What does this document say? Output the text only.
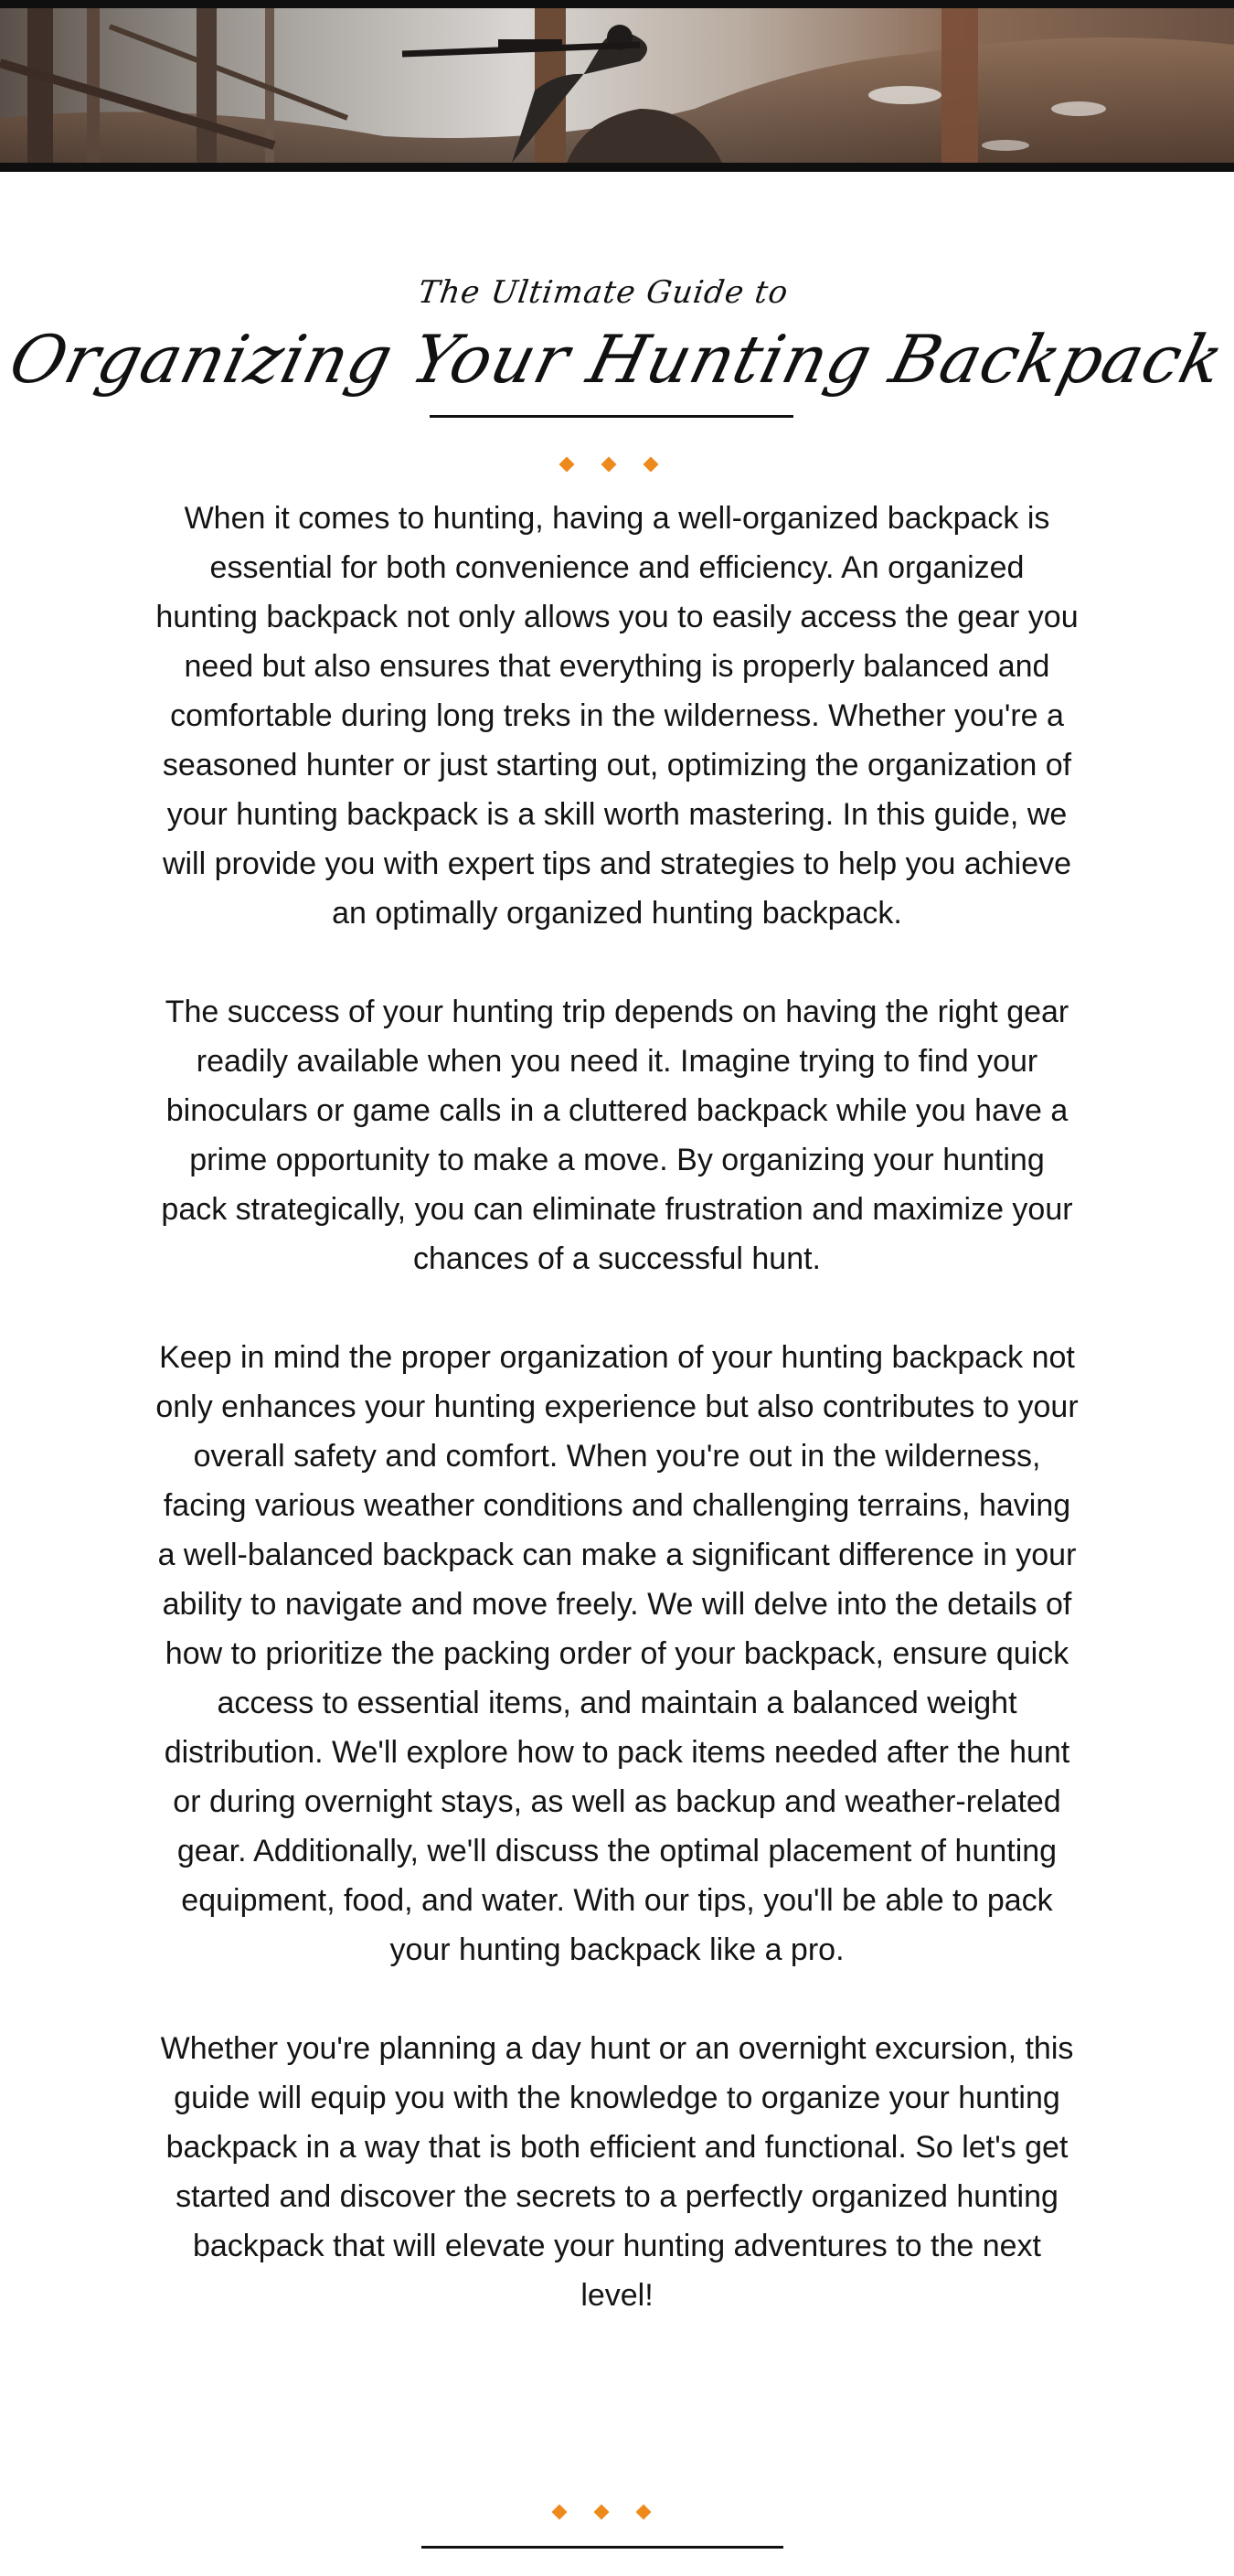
The Ultimate Guide to
Organizing Your Hunting Backpack

When it comes to hunting, having a well-organized backpack is essential for both convenience and efficiency. An organized hunting backpack not only allows you to easily access the gear you need but also ensures that everything is properly balanced and comfortable during long treks in the wilderness. Whether you're a seasoned hunter or just starting out, optimizing the organization of your hunting backpack is a skill worth mastering. In this guide, we will provide you with expert tips and strategies to help you achieve an optimally organized hunting backpack.

The success of your hunting trip depends on having the right gear readily available when you need it. Imagine trying to find your binoculars or game calls in a cluttered backpack while you have a prime opportunity to make a move. By organizing your hunting pack strategically, you can eliminate frustration and maximize your chances of a successful hunt.

Keep in mind the proper organization of your hunting backpack not only enhances your hunting experience but also contributes to your overall safety and comfort. When you're out in the wilderness, facing various weather conditions and challenging terrains, having a well-balanced backpack can make a significant difference in your ability to navigate and move freely. We will delve into the details of how to prioritize the packing order of your backpack, ensure quick access to essential items, and maintain a balanced weight distribution. We'll explore how to pack items needed after the hunt or during overnight stays, as well as backup and weather-related gear. Additionally, we'll discuss the optimal placement of hunting equipment, food, and water. With our tips, you'll be able to pack your hunting backpack like a pro.

Whether you're planning a day hunt or an overnight excursion, this guide will equip you with the knowledge to organize your hunting backpack in a way that is both efficient and functional. So let's get started and discover the secrets to a perfectly organized hunting backpack that will elevate your hunting adventures to the next level!
